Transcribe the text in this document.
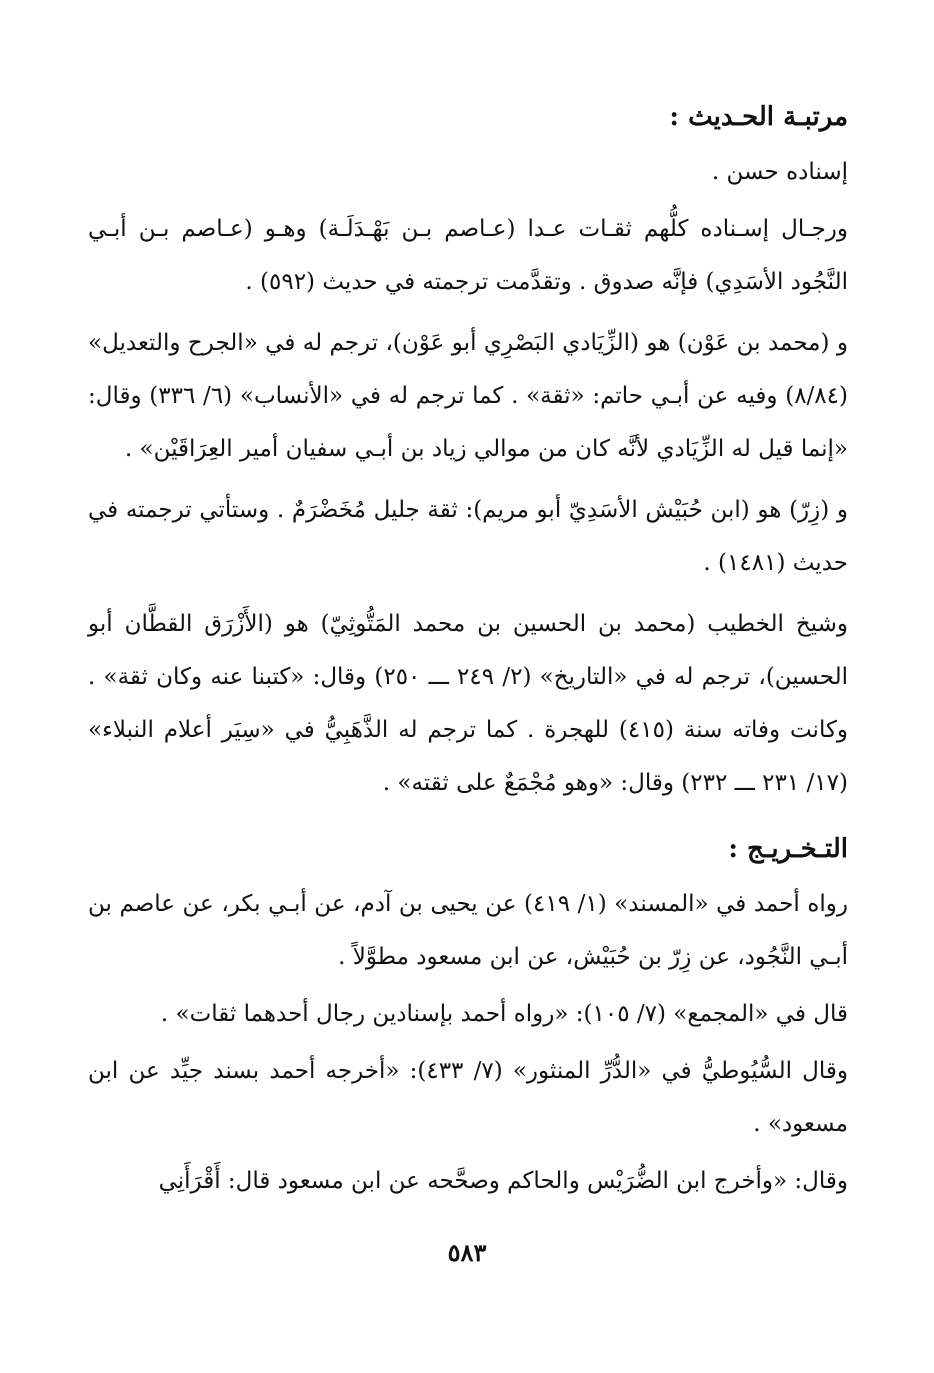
مرتبـة الحـديث :

إسناده حسن .

ورجـال إسـناده كلُّهم ثقـات عـدا (عـاصم بـن بَهْـدَلَـة) وهـو (عـاصم بـن أبـي النَّجُود الأسَدِي) فإنَّه صدوق . وتقدَّمت ترجمته في حديث (٥٩٢) .

و (محمد بن عَوْن) هو (الزِّيَادي البَصْرِي أبو عَوْن)، ترجم له في «الجرح والتعديل» (٨/٨٤) وفيه عن أبـي حاتم: «ثقة» . كما ترجم له في «الأنساب» (٦/ ٣٣٦) وقال: «إنما قيل له الزِّيَادي لأنَّه كان من موالي زياد بن أبـي سفيان أمير العِرَاقَيْن» .

و (زِرّ) هو (ابن حُبَيْش الأسَدِيّ أبو مريم): ثقة جليل مُخَضْرَمٌ . وستأتي ترجمته في حديث (١٤٨١) .

وشيخ الخطيب (محمد بن الحسين بن محمد المَتُّوثِيّ) هو (الأَزْرَق القطَّان أبو الحسين)، ترجم له في «التاريخ» (٢/ ٢٤٩ ـــ ٢٥٠) وقال: «كتبنا عنه وكان ثقة» . وكانت وفاته سنة (٤١٥) للهجرة . كما ترجم له الذَّهَبِيُّ في «سِيَر أعلام النبلاء» (١٧/ ٢٣١ ـــ ٢٣٢) وقال: «وهو مُجْمَعٌ على ثقته» .

التـخـريـج :

رواه أحمد في «المسند» (١/ ٤١٩) عن يحيى بن آدم، عن أبـي بكر، عن عاصم بن أبـي النَّجُود، عن زِرّ بن حُبَيْش، عن ابن مسعود مطوَّلاً .

قال في «المجمع» (٧/ ١٠٥): «رواه أحمد بإسنادين رجال أحدهما ثقات» .

وقال السُّيُوطيُّ في «الدُّرِّ المنثور» (٧/ ٤٣٣): «أخرجه أحمد بسند جيِّد عن ابن مسعود» .

وقال: «وأخرج ابن الضُّرَيْس والحاكم وصحَّحه عن ابن مسعود قال: أَقْرَأَنِي

٥٨٣
